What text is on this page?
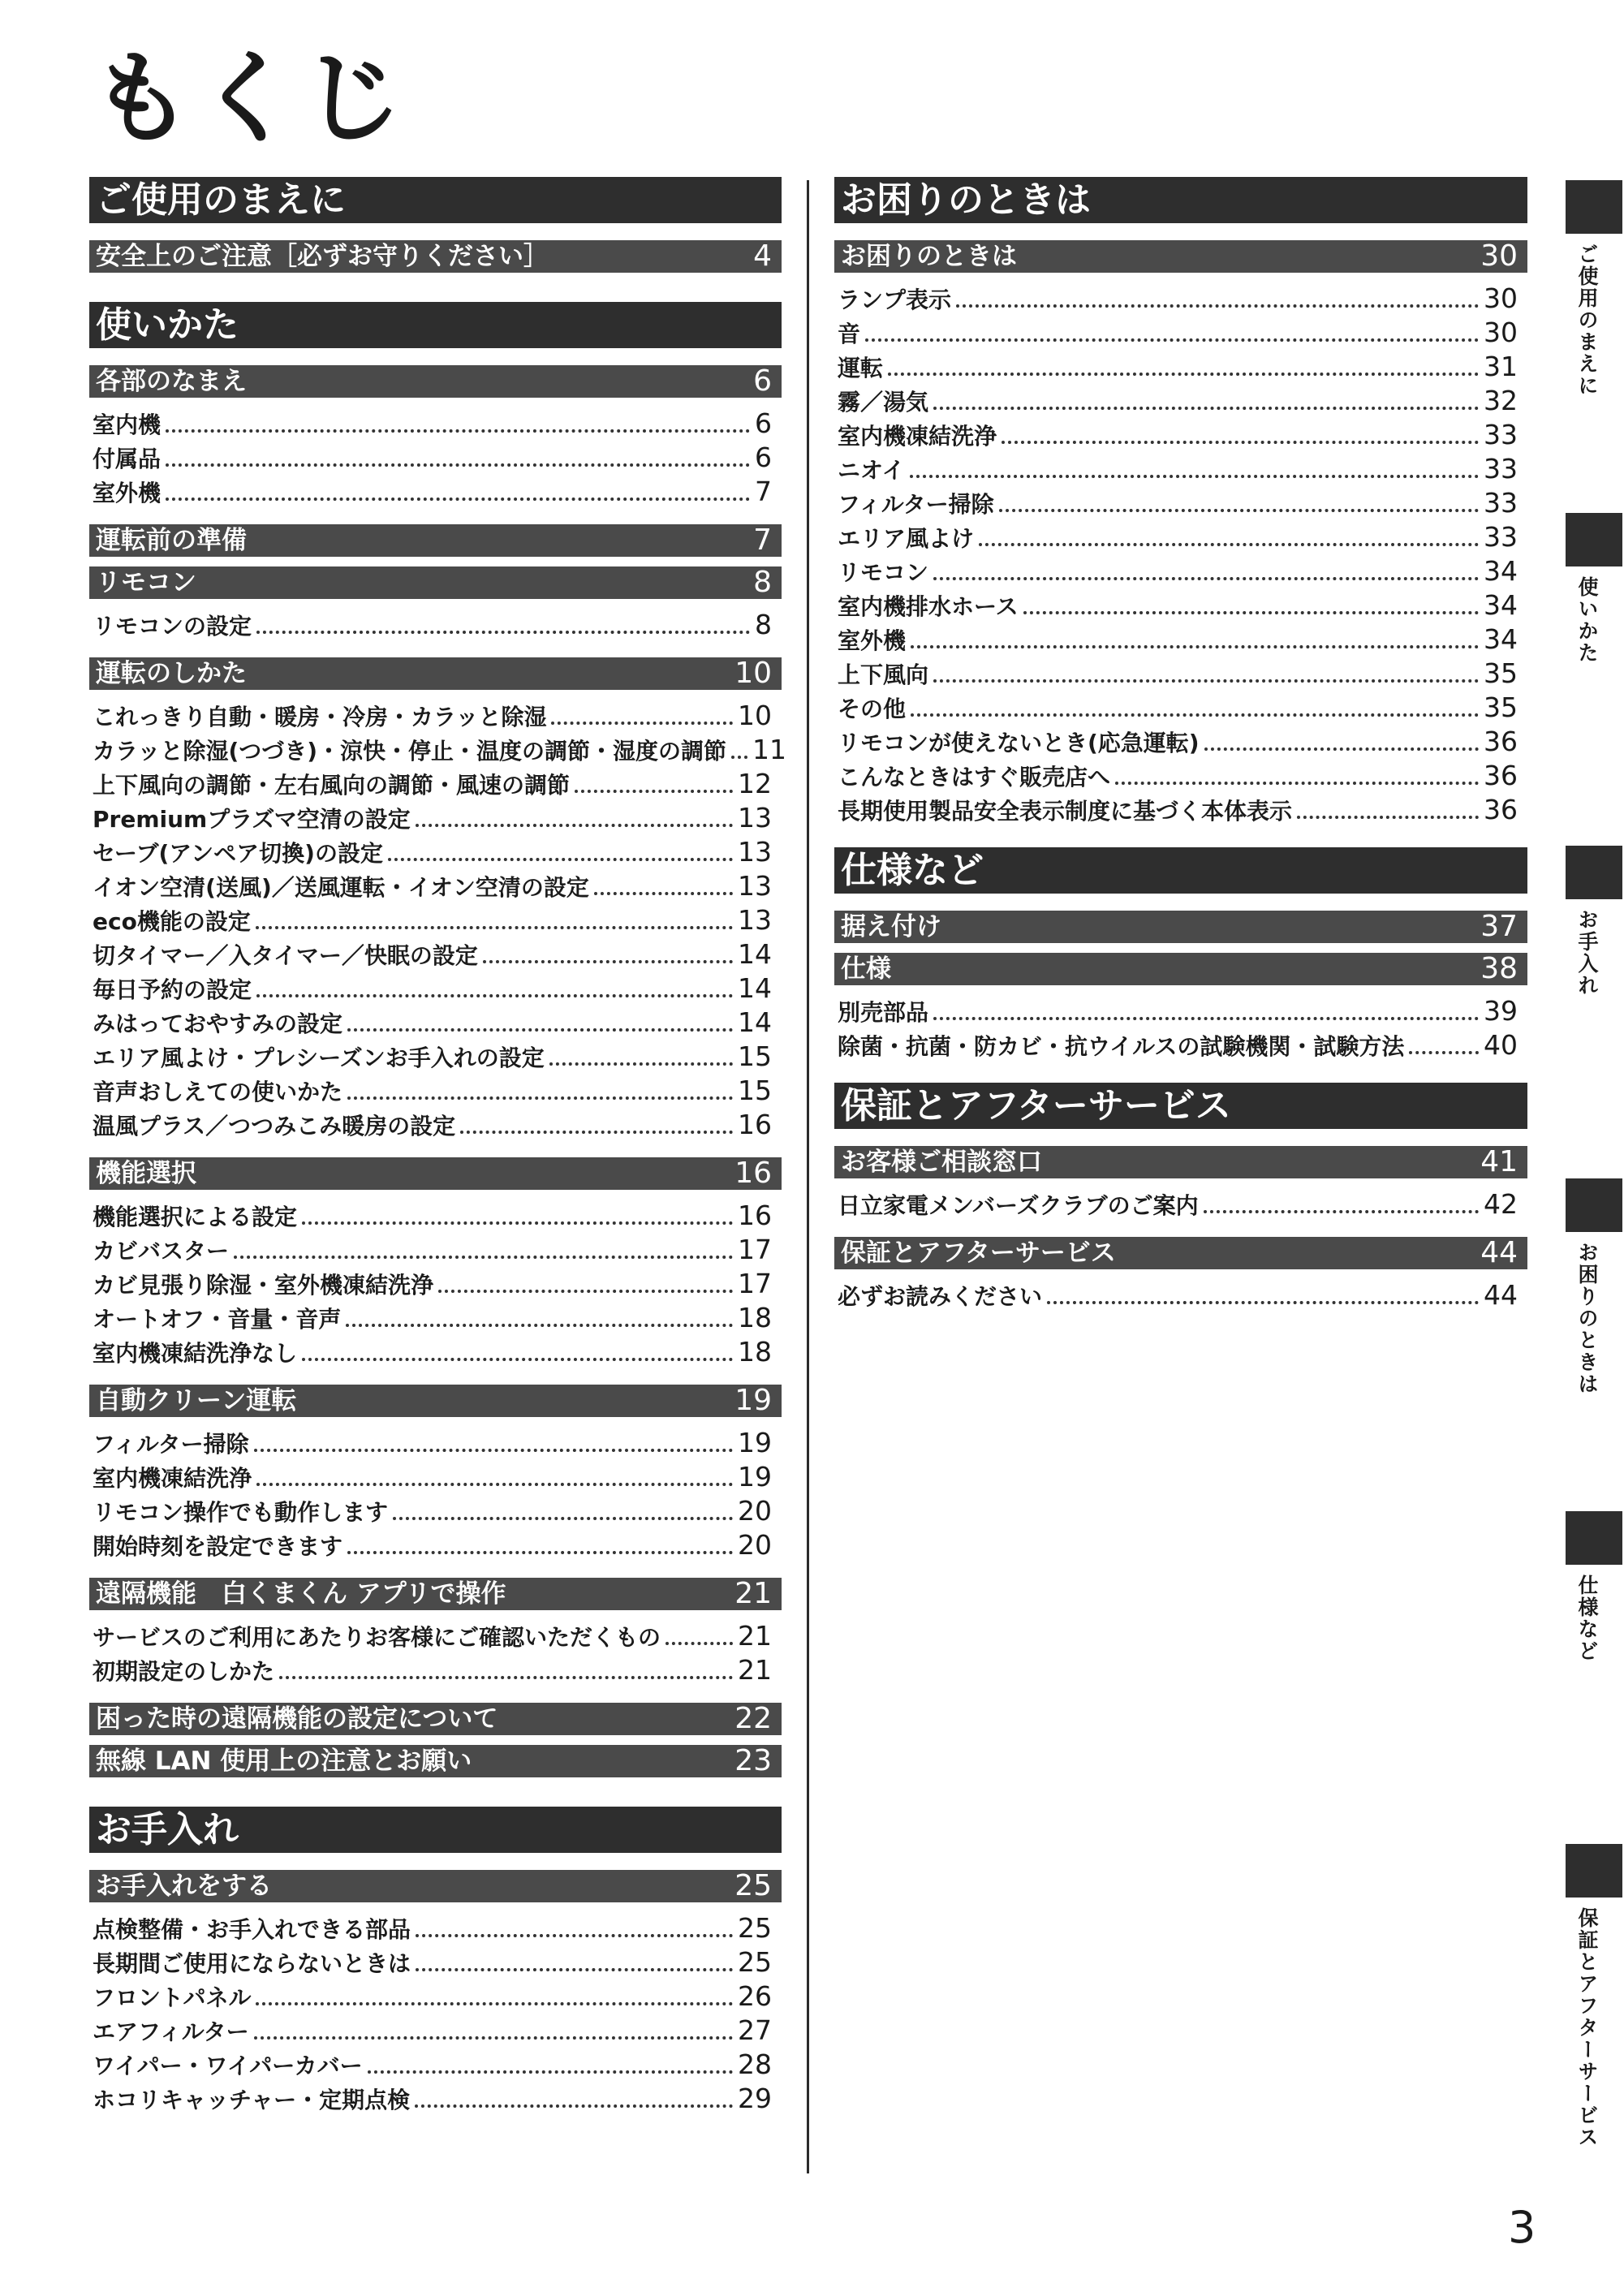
もくじ
ご使用のまえに
安全上のご注意［必ずお守りください］	4
使いかた
各部のなまえ	6
室内機	6
付属品	6
室外機	7
運転前の準備	7
リモコン	8
リモコンの設定	8
運転のしかた	10
これっきり自動・暖房・冷房・カラッと除湿	10
カラッと除湿(つづき)・涼快・停止・温度の調節・湿度の調節 11
上下風向の調節・左右風向の調節・風速の調節	12
Premiumプラズマ空清の設定	13
セーブ(アンペア切換)の設定	13
イオン空清(送風)／送風運転・イオン空清の設定	13
eco機能の設定	13
切タイマー／入タイマー／快眠の設定	14
毎日予約の設定	14
みはっておやすみの設定	14
エリア風よけ・プレシーズンお手入れの設定	15
音声おしえての使いかた	15
温風プラス／つつみこみ暖房の設定	16
機能選択	16
機能選択による設定	16
カビバスター	17
カビ見張り除湿・室外機凍結洗浄	17
オートオフ・音量・音声	18
室内機凍結洗浄なし	18
自動クリーン運転	19
フィルター掃除	19
室内機凍結洗浄	19
リモコン操作でも動作します	20
開始時刻を設定できます	20
遠隔機能　白くまくん アプリで操作	21
サービスのご利用にあたりお客様にご確認いただくもの	21
初期設定のしかた	21
困った時の遠隔機能の設定について	22
無線 LAN 使用上の注意とお願い	23
お手入れ
お手入れをする	25
点検整備・お手入れできる部品	25
長期間ご使用にならないときは	25
フロントパネル	26
エアフィルター	27
ワイパー・ワイパーカバー	28
ホコリキャッチャー・定期点検	29
お困りのときは
お困りのときは	30
ランプ表示	30
音	30
運転	31
霧／湯気	32
室内機凍結洗浄	33
ニオイ	33
フィルター掃除	33
エリア風よけ	33
リモコン	34
室内機排水ホース	34
室外機	34
上下風向	35
その他	35
リモコンが使えないとき(応急運転)	36
こんなときはすぐ販売店へ	36
長期使用製品安全表示制度に基づく本体表示	36
仕様など
据え付け	37
仕様	38
別売部品	39
除菌・抗菌・防カビ・抗ウイルスの試験機関・試験方法	40
保証とアフターサービス
お客様ご相談窓口	41
日立家電メンバーズクラブのご案内	42
保証とアフターサービス	44
必ずお読みください	44
ご使用のまえに
使いかた
お手入れ
お困りのときは
仕様など
保証とアフターサービス
3
